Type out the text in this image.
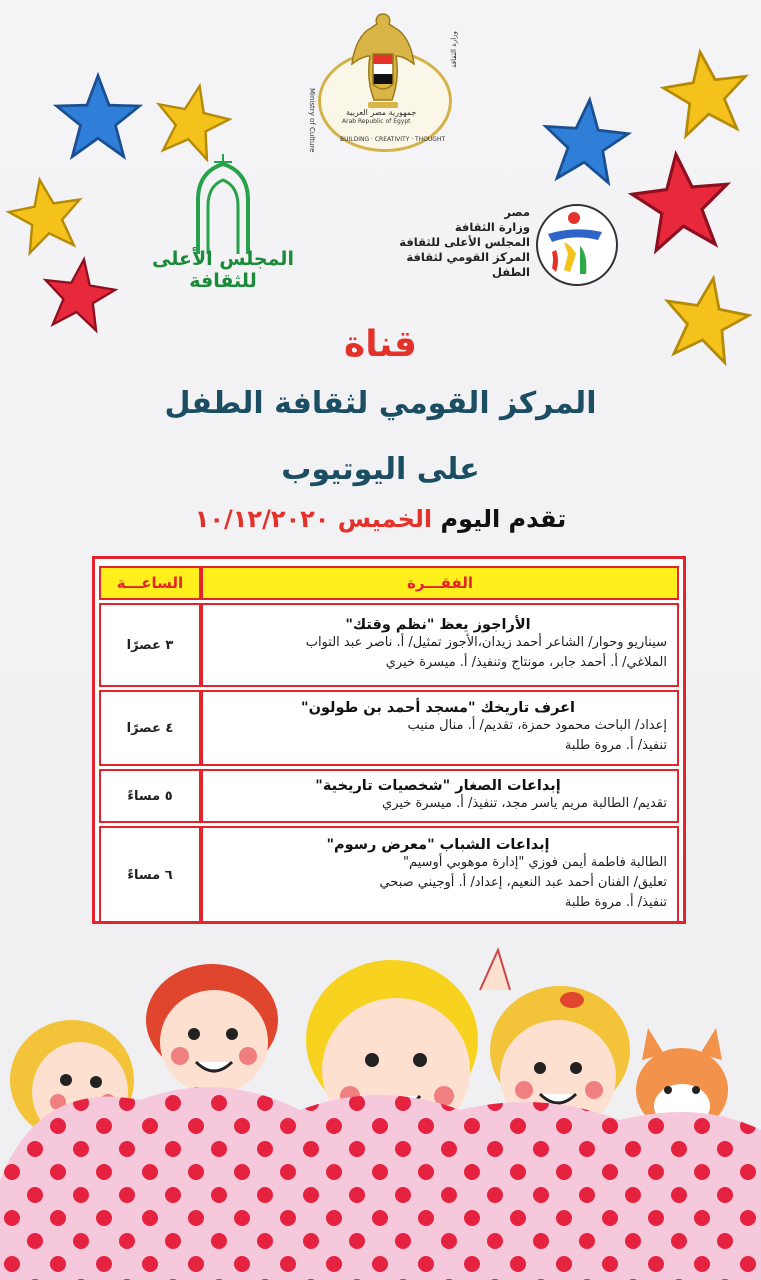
Ministry of Culture
وزارة الثقافة
جمهورية مصر العربية
Arab Republic of Egypt
BUILDING · CREATIVITY · THOUGHT
المجلس الأعلى للثقافة
مصر
وزارة الثقافة
المجلس الأعلى للثقافة
المركز القومي لثقافة الطفل
قناة
المركز القومي لثقافة الطفل
على اليوتيوب
تقدم اليوم الخميس ١٠/١٢/٢٠٢٠
الفقـــرة	الساعـــة

الأراجوز يعظ "نظم وقتك"
سيناريو وحوار/ الشاعر أحمد زيدان،الأجوز تمثيل/ أ. ناصر عبد التواب
الملاغي/ أ. أحمد جابر، مونتاج وتنفيذ/ أ. ميسرة خيري	٣ عصرًا

اعرف تاريخك "مسجد أحمد بن طولون"
إعداد/ الباحث محمود حمزة، تقديم/ أ. منال منيب
تنفيذ/ أ. مروة طلبة	٤ عصرًا

إبداعات الصغار "شخصيات تاريخية"
تقديم/ الطالبة مريم ياسر مجد، تنفيذ/ أ. ميسرة خيري	٥ مساءً

إبداعات الشباب "معرض رسوم"
الطالبة فاطمة أيمن فوزي "إدارة موهوبي أوسيم"
تعليق/ الفنان أحمد عبد النعيم، إعداد/ أ. أوجيني صبحي
تنفيذ/ أ. مروة طلبة	٦ مساءً
